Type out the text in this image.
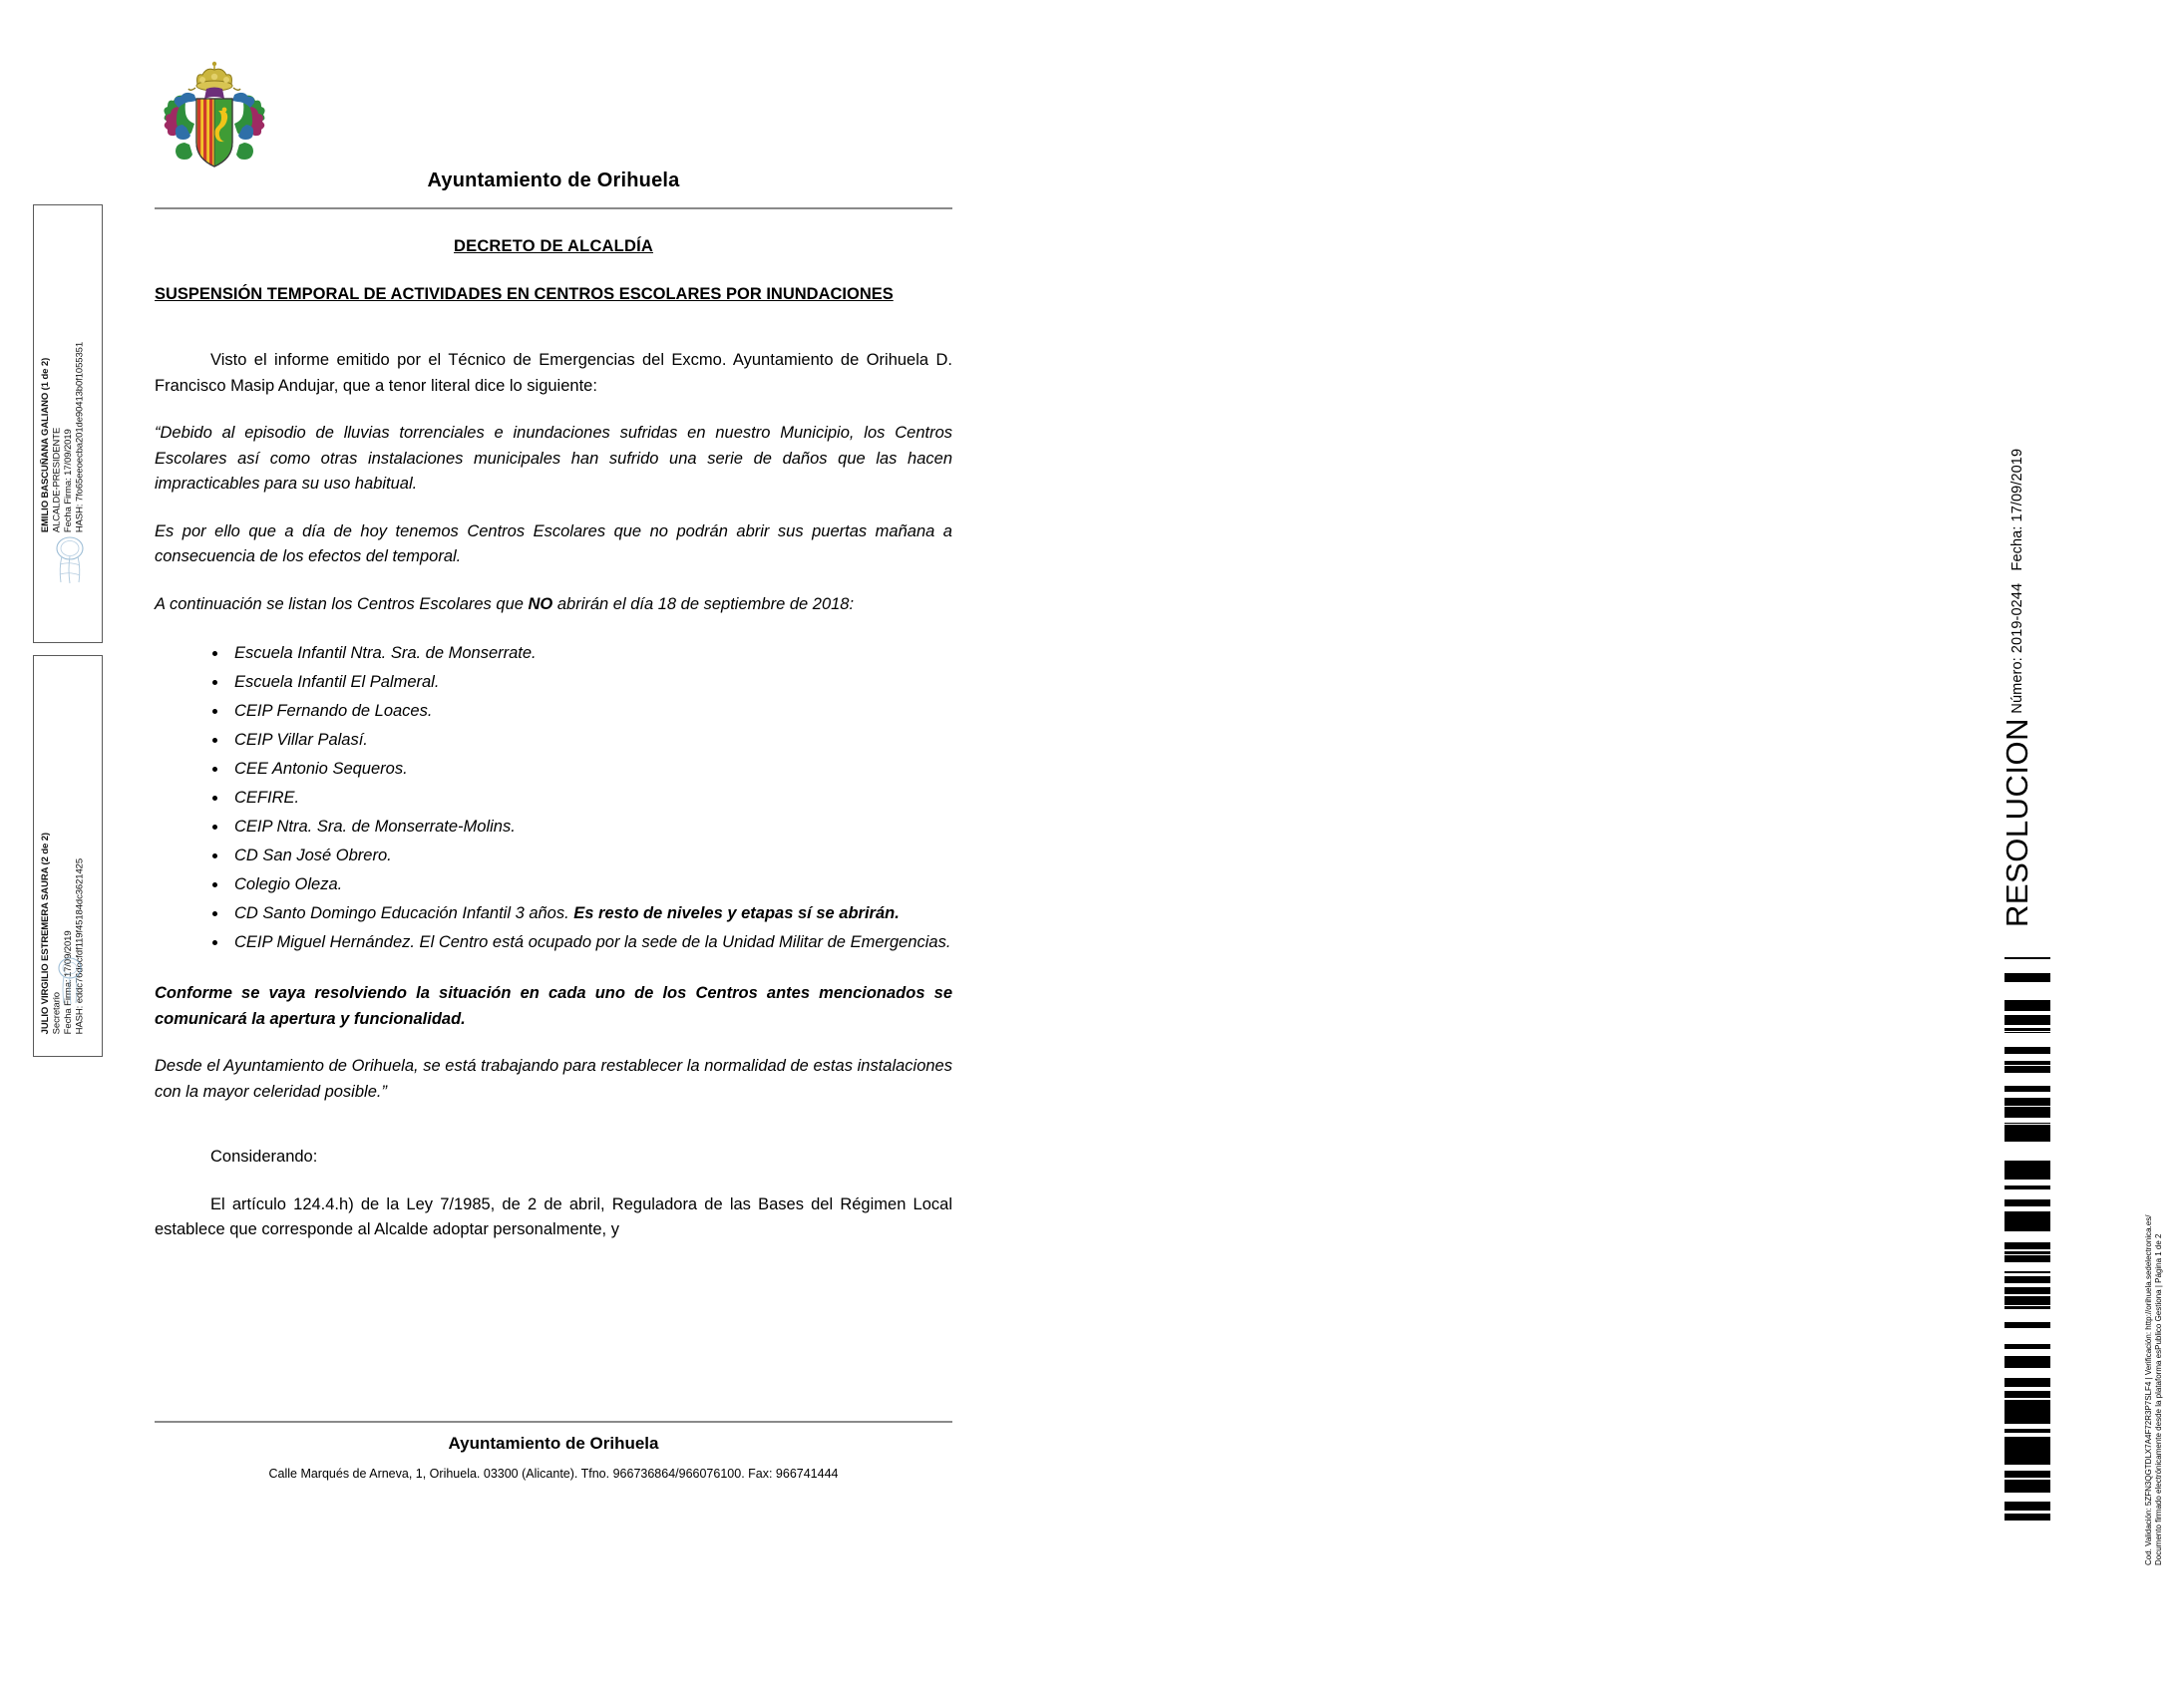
EMILIO BASCUÑANA GALIANO (1 de 2)
ALCALDE-PRESIDENTE
Fecha Firma: 17/09/2019
HASH: 7fo65eeoecba201de90413b0f1055351
JULIO VIRGILIO ESTREMERA SAURA (2 de 2)
Secretario
Fecha Firma: 17/09/2019
HASH: eddc76docfdf119f45184dc3621425
RESOLUCION Número: 2019-0244   Fecha: 17/09/2019
Cod. Validación: 5ZFN3QGTDLX7A4F72R3P7SLF4 | Verificación: http://orihuela.sedelectronica.es/
Documento firmado electrónicamente desde la plataforma esPublico Gestiona | Página 1 de 2
Ayuntamiento de Orihuela
DECRETO DE ALCALDÍA
SUSPENSIÓN TEMPORAL DE ACTIVIDADES EN CENTROS ESCOLARES POR INUNDACIONES

Visto el informe emitido por el Técnico de Emergencias del Excmo. Ayuntamiento de Orihuela D. Francisco Masip Andujar, que a tenor literal dice lo siguiente:

“Debido al episodio de lluvias torrenciales e inundaciones sufridas en nuestro Municipio, los Centros Escolares así como otras instalaciones municipales han sufrido una serie de daños que las hacen impracticables para su uso habitual.

Es por ello que a día de hoy tenemos Centros Escolares que no podrán abrir sus puertas mañana a consecuencia de los efectos del temporal.

A continuación se listan los Centros Escolares que NO abrirán el día 18 de septiembre de 2018:

• Escuela Infantil Ntra. Sra. de Monserrate.
• Escuela Infantil El Palmeral.
• CEIP Fernando de Loaces.
• CEIP Villar Palasí.
• CEE Antonio Sequeros.
• CEFIRE.
• CEIP Ntra. Sra. de Monserrate-Molins.
• CD San José Obrero.
• Colegio Oleza.
• CD Santo Domingo Educación Infantil 3 años. Es resto de niveles y etapas sí se abrirán.
• CEIP Miguel Hernández. El Centro está ocupado por la sede de la Unidad Militar de Emergencias.

Conforme se vaya resolviendo la situación en cada uno de los Centros antes mencionados se comunicará la apertura y funcionalidad.

Desde el Ayuntamiento de Orihuela, se está trabajando para restablecer la normalidad de estas instalaciones con la mayor celeridad posible.”

Considerando:

El artículo 124.4.h) de la Ley 7/1985, de 2 de abril, Reguladora de las Bases del Régimen Local establece que corresponde al Alcalde adoptar personalmente, y

Ayuntamiento de Orihuela
Calle Marqués de Arneva, 1, Orihuela. 03300 (Alicante). Tfno. 966736864/966076100. Fax: 966741444
